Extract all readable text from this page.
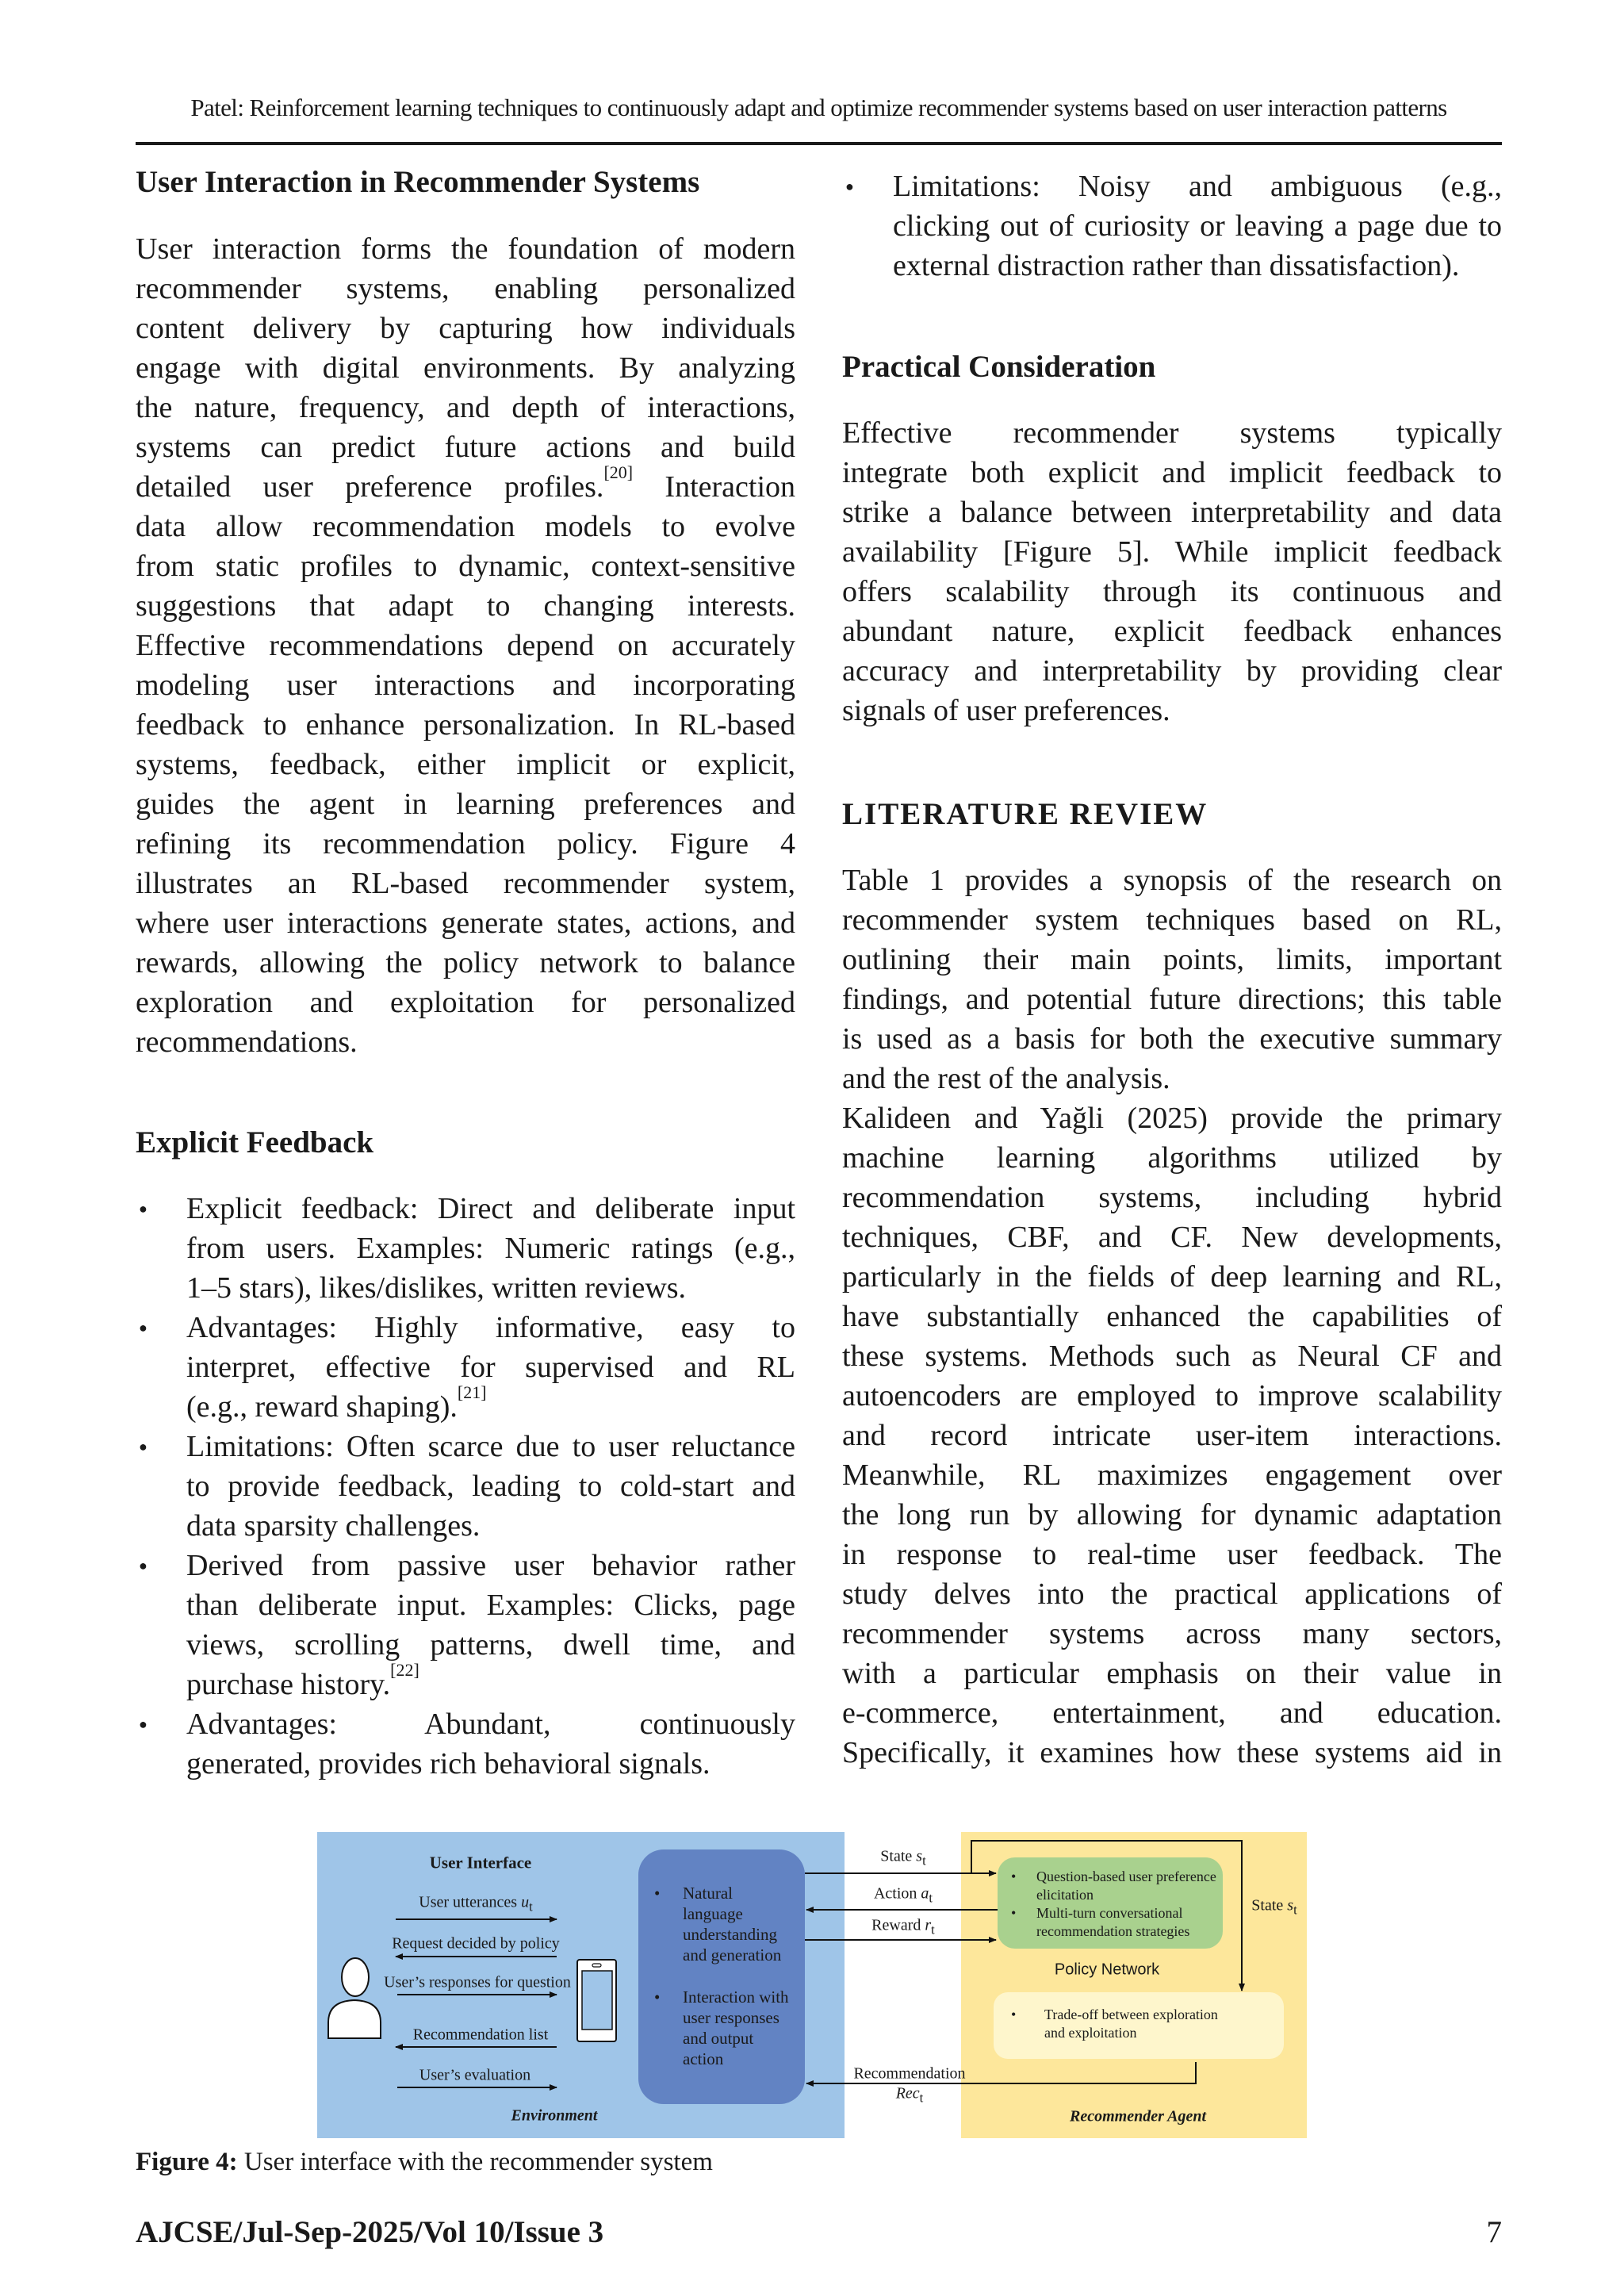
Patel: Reinforcement learning techniques to continuously adapt and optimize recommender systems based on user interaction patterns
User Interaction in Recommender Systems
User interaction forms the foundation of modern
recommender systems, enabling personalized
content delivery by capturing how individuals
engage with digital environments. By analyzing
the nature, frequency, and depth of interactions,
systems can predict future actions and build
detailed user preference profiles.[20] Interaction
data allow recommendation models to evolve
from static profiles to dynamic, context-sensitive
suggestions that adapt to changing interests.
Effective recommendations depend on accurately
modeling user interactions and incorporating
feedback to enhance personalization. In RL-based
systems, feedback, either implicit or explicit,
guides the agent in learning preferences and
refining its recommendation policy. Figure 4
illustrates an RL-based recommender system,
where user interactions generate states, actions, and
rewards, allowing the policy network to balance
exploration and exploitation for personalized
recommendations.
Explicit Feedback
● Explicit feedback: Direct and deliberate input
from users. Examples: Numeric ratings (e.g.,
1–5 stars), likes/dislikes, written reviews.
● Advantages: Highly informative, easy to
interpret, effective for supervised and RL
(e.g., reward shaping).[21]
● Limitations: Often scarce due to user reluctance
to provide feedback, leading to cold-start and
data sparsity challenges.
● Derived from passive user behavior rather
than deliberate input. Examples: Clicks, page
views, scrolling patterns, dwell time, and
purchase history.[22]
● Advantages: Abundant, continuously
generated, provides rich behavioral signals.
● Limitations: Noisy and ambiguous (e.g.,
clicking out of curiosity or leaving a page due to
external distraction rather than dissatisfaction).
Practical Consideration
Effective recommender systems typically
integrate both explicit and implicit feedback to
strike a balance between interpretability and data
availability [Figure 5]. While implicit feedback
offers scalability through its continuous and
abundant nature, explicit feedback enhances
accuracy and interpretability by providing clear
signals of user preferences.
LITERATURE REVIEW
Table 1 provides a synopsis of the research on
recommender system techniques based on RL,
outlining their main points, limits, important
findings, and potential future directions; this table
is used as a basis for both the executive summary
and the rest of the analysis.
Kalideen and Yağli (2025) provide the primary
machine learning algorithms utilized by
recommendation systems, including hybrid
techniques, CBF, and CF. New developments,
particularly in the fields of deep learning and RL,
have substantially enhanced the capabilities of
these systems. Methods such as Neural CF and
autoencoders are employed to improve scalability
and record intricate user-item interactions.
Meanwhile, RL maximizes engagement over
the long run by allowing for dynamic adaptation
in response to real-time user feedback. The
study delves into the practical applications of
recommender systems across many sectors,
with a particular emphasis on their value in
e-commerce, entertainment, and education.
Specifically, it examines how these systems aid in
User Interface
User utterances $u_t$
Request decided by policy
User’s responses for question
Recommendation list
User’s evaluation
Environment
• Natural language understanding and generation
• Interaction with user responses and output action
State $s_t$
Action $a_t$
Reward $r_t$
State $s_t$
• Question-based user preference elicitation
• Multi-turn conversational recommendation strategies
Policy Network
• Trade-off between exploration and exploitation
Recommendation
Rec$_t$
Recommender Agent
Figure 4: User interface with the recommender system
AJCSE/Jul-Sep-2025/Vol 10/Issue 3	7
